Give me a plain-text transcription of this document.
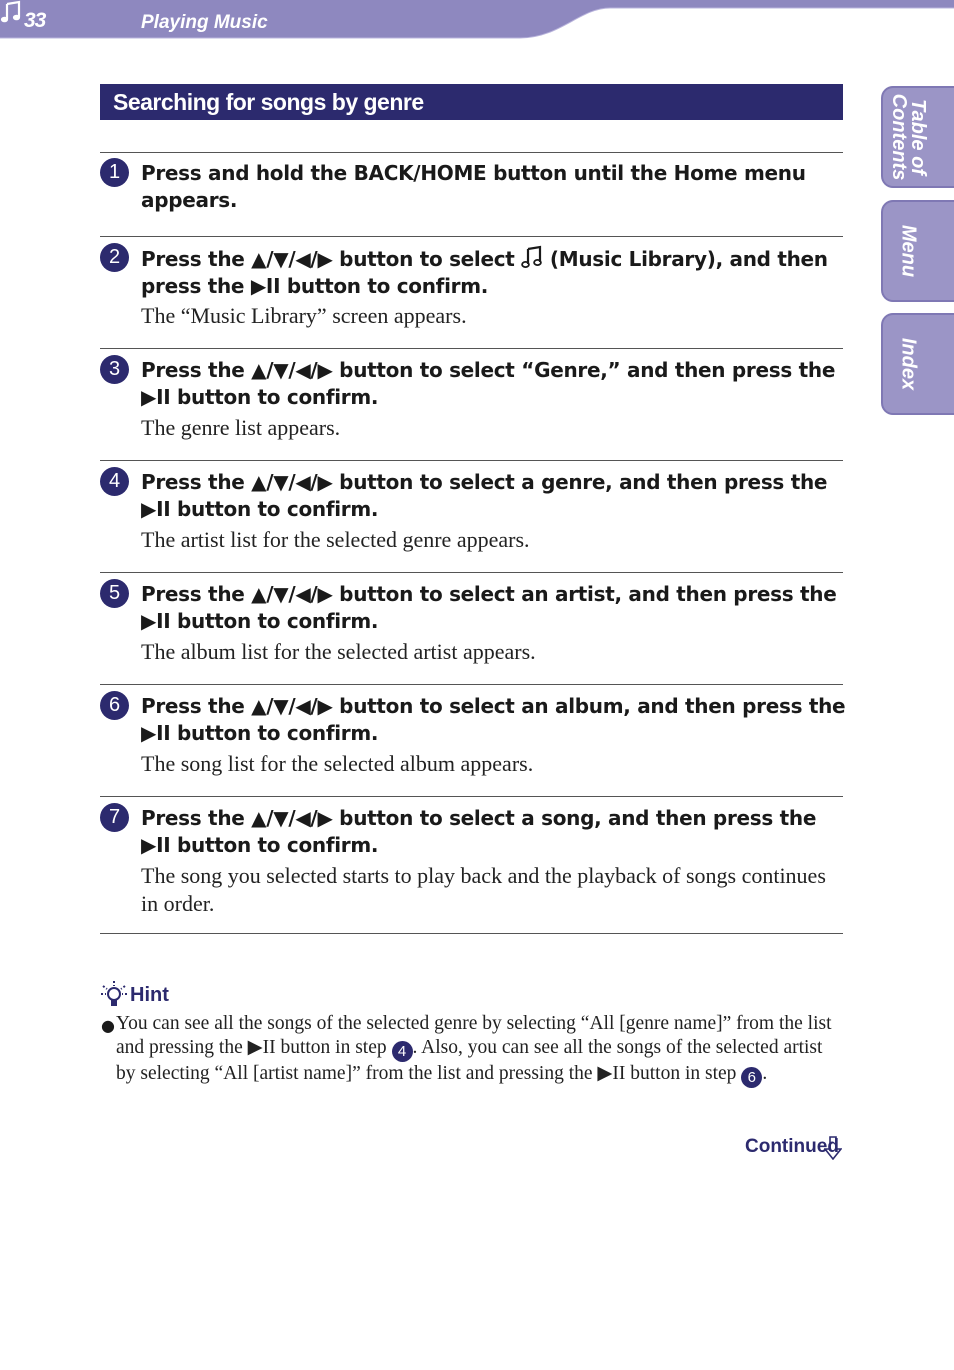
33	Playing Music
Table of
Contents
Menu
Index
Searching for songs by genre
1	Press and hold the BACK/HOME button until the Home menu appears.
2	Press the ▲/▼/◀/▶ button to select  (Music Library), and then press the ▶II button to confirm.
The “Music Library” screen appears.
3	Press the ▲/▼/◀/▶ button to select “Genre,” and then press the ▶II button to confirm.
The genre list appears.
4	Press the ▲/▼/◀/▶ button to select a genre, and then press the ▶II button to confirm.
The artist list for the selected genre appears.
5	Press the ▲/▼/◀/▶ button to select an artist, and then press the ▶II button to confirm.
The album list for the selected artist appears.
6	Press the ▲/▼/◀/▶ button to select an album, and then press the ▶II button to confirm.
The song list for the selected album appears.
7	Press the ▲/▼/◀/▶ button to select a song, and then press the ▶II button to confirm.
The song you selected starts to play back and the playback of songs continues in order.
Hint
● You can see all the songs of the selected genre by selecting “All [genre name]” from the list and pressing the ▶II button in step 4 . Also, you can see all the songs of the selected artist by selecting “All [artist name]” from the list and pressing the ▶II button in step 6 .
Continued
